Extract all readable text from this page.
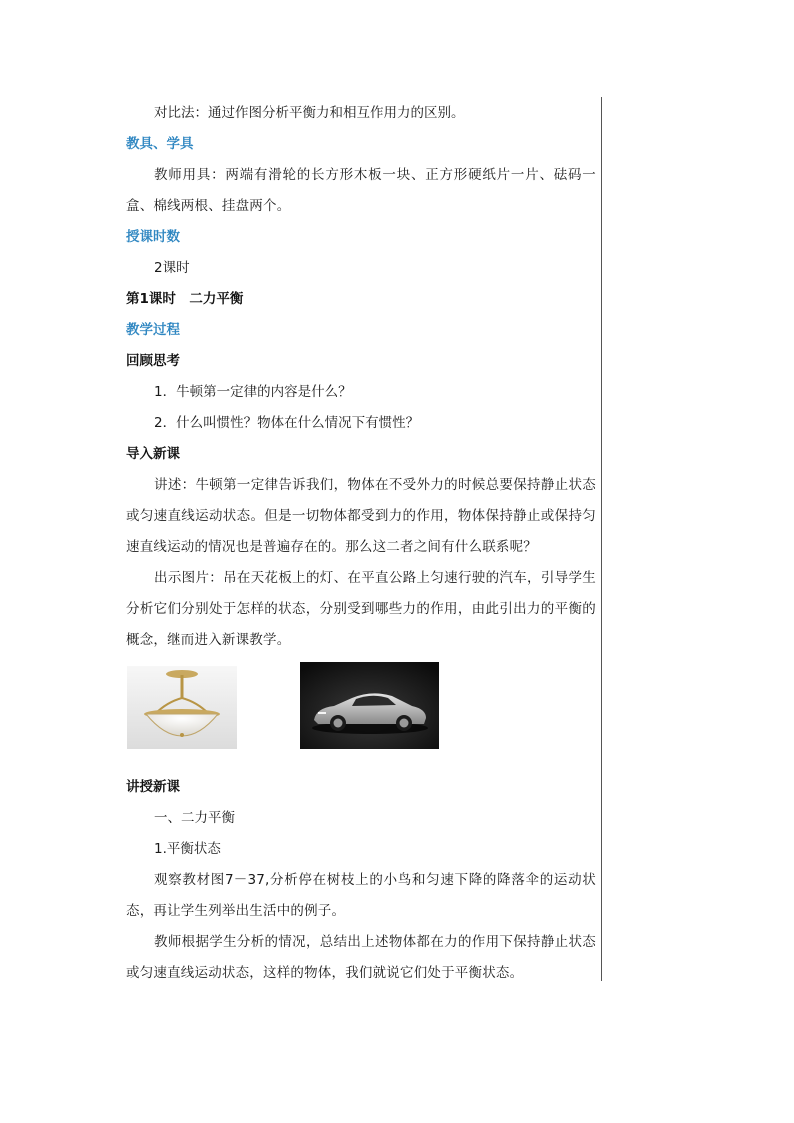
对比法：通过作图分析平衡力和相互作用力的区别。
教具、学具
教师用具：两端有滑轮的长方形木板一块、正方形硬纸片一片、砝码一盒、棉线两根、挂盘两个。
授课时数
2课时
第1课时　二力平衡
教学过程
回顾思考
1．牛顿第一定律的内容是什么？
2．什么叫惯性？物体在什么情况下有惯性？
导入新课
讲述：牛顿第一定律告诉我们，物体在不受外力的时候总要保持静止状态或匀速直线运动状态。但是一切物体都受到力的作用，物体保持静止或保持匀速直线运动的情况也是普遍存在的。那么这二者之间有什么联系呢？
出示图片：吊在天花板上的灯、在平直公路上匀速行驶的汽车，引导学生分析它们分别处于怎样的状态，分别受到哪些力的作用，由此引出力的平衡的概念，继而进入新课教学。
讲授新课
一、二力平衡
1.平衡状态
观察教材图7－37,分析停在树枝上的小鸟和匀速下降的降落伞的运动状态，再让学生列举出生活中的例子。
教师根据学生分析的情况，总结出上述物体都在力的作用下保持静止状态或匀速直线运动状态，这样的物体，我们就说它们处于平衡状态。
